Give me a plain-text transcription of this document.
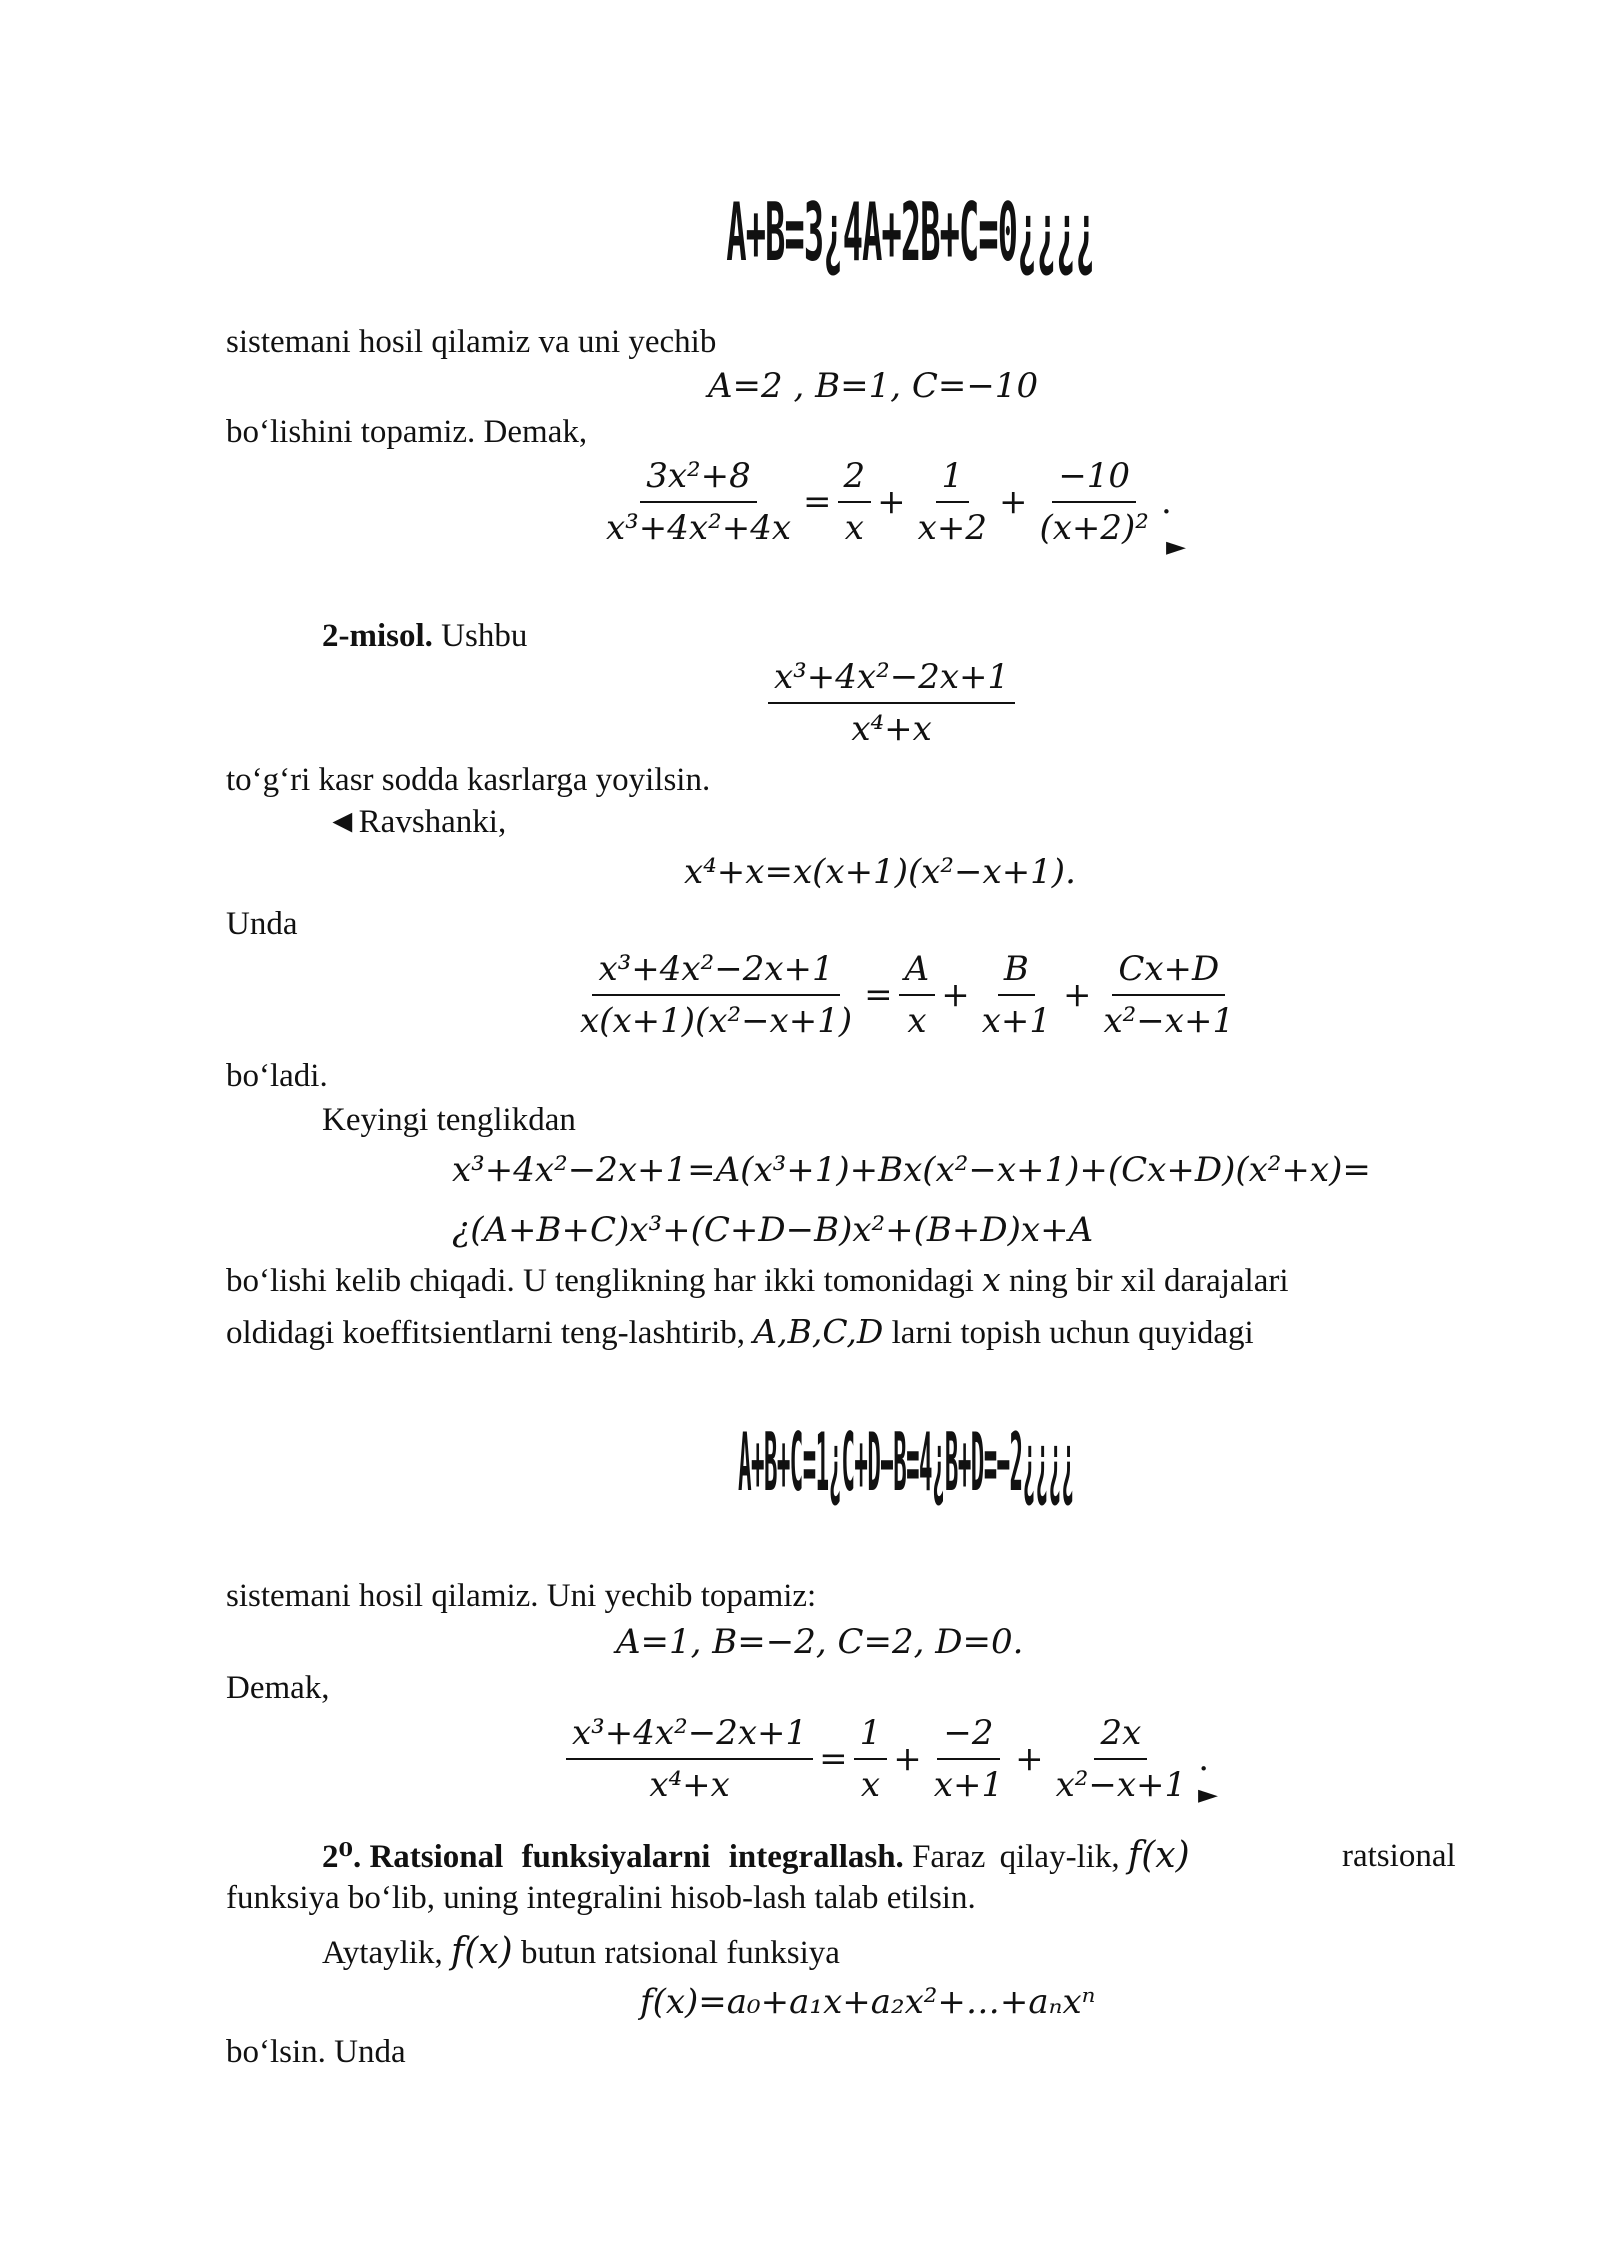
A+B=3¿4A+2B+C=0¿¿¿¿
sistemani hosil qilamiz va uni yechib
A=2 , B=1, C=−10
bo‘lishini topamiz. Demak,
$\frac{\text{3x²+8}}{\text{x³+4x²+4x}} = \frac{2}{x} + \frac{1}{x+2} + \frac{-10}{\text{(x+2)²}}$ .
►
2-misol. Ushbu
$\frac{\text{x³+4x²−2x+1}}{\text{x⁴+x}}$
to‘g‘ri kasr sodda kasrlarga yoyilsin.
◄Ravshanki,
x⁴+x=x(x+1)(x²−x+1).
Unda
$\frac{\text{x³+4x²−2x+1}}{\text{x(x+1)(x²−x+1)}} = \frac{A}{x} + \frac{B}{x+1} + \frac{Cx+D}{\text{x²−x+1}}$
bo‘ladi.
Keyingi tenglikdan
x³+4x²−2x+1=A(x³+1)+Bx(x²−x+1)+(Cx+D)(x²+x)=
¿(A+B+C)x³+(C+D−B)x²+(B+D)x+A
bo‘lishi kelib chiqadi. U tenglikning har ikki tomonidagi x ning bir xil darajalari
oldidagi koeffitsientlarni teng-lashtirib, A,B,C,D larni topish uchun quyidagi
A+B+C=1¿C+D−B=4¿B+D=−2¿¿¿¿
sistemani hosil qilamiz. Uni yechib topamiz:
A=1, B=−2, C=2, D=0.
Demak,
$\frac{\text{x³+4x²−2x+1}}{\text{x⁴+x}} = \frac{1}{x} + \frac{-2}{x+1} + \frac{2x}{\text{x²−x+1}}$ .
►
2⁰. Ratsional funksiyalarni integrallash. Faraz qilay-lik, f(x)	ratsional
funksiya bo‘lib, uning integralini hisob-lash talab etilsin.
Aytaylik, f(x) butun ratsional funksiya
f(x)=a₀+a₁x+a₂x²+…+aₙxⁿ
bo‘lsin. Unda
